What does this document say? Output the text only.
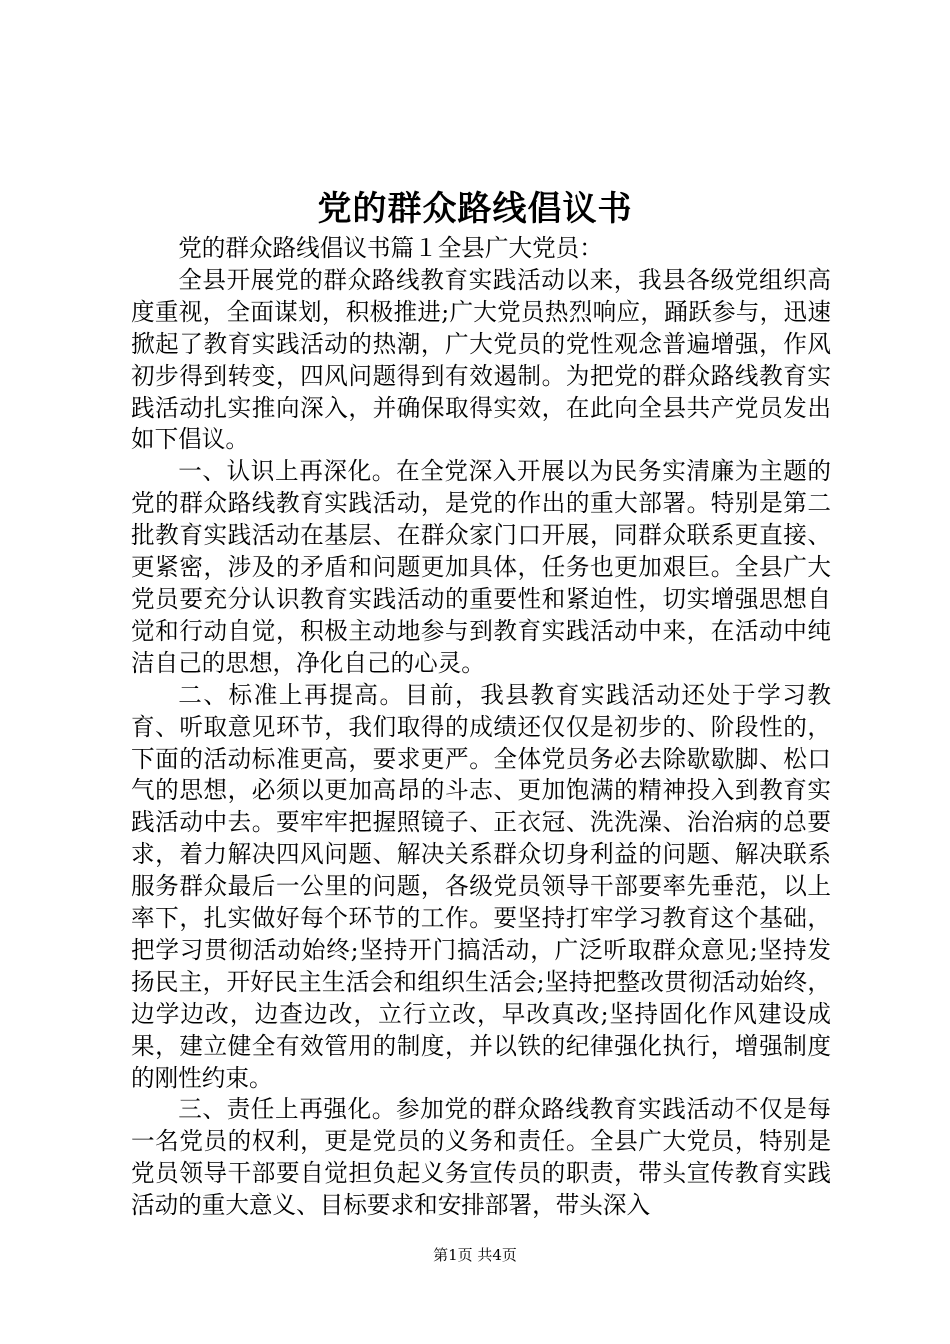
党的群众路线倡议书

党的群众路线倡议书篇１全县广大党员：

全县开展党的群众路线教育实践活动以来，我县各级党组织高度重视，全面谋划，积极推进;广大党员热烈响应，踊跃参与，迅速掀起了教育实践活动的热潮，广大党员的党性观念普遍增强，作风初步得到转变，四风问题得到有效遏制。为把党的群众路线教育实践活动扎实推向深入，并确保取得实效，在此向全县共产党员发出如下倡议。

一、认识上再深化。在全党深入开展以为民务实清廉为主题的党的群众路线教育实践活动，是党的作出的重大部署。特别是第二批教育实践活动在基层、在群众家门口开展，同群众联系更直接、更紧密，涉及的矛盾和问题更加具体，任务也更加艰巨。全县广大党员要充分认识教育实践活动的重要性和紧迫性，切实增强思想自觉和行动自觉，积极主动地参与到教育实践活动中来，在活动中纯洁自己的思想，净化自己的心灵。

二、标准上再提高。目前，我县教育实践活动还处于学习教育、听取意见环节，我们取得的成绩还仅仅是初步的、阶段性的，下面的活动标准更高，要求更严。全体党员务必去除歇歇脚、松口气的思想，必须以更加高昂的斗志、更加饱满的精神投入到教育实践活动中去。要牢牢把握照镜子、正衣冠、洗洗澡、治治病的总要求，着力解决四风问题、解决关系群众切身利益的问题、解决联系服务群众最后一公里的问题，各级党员领导干部要率先垂范，以上率下，扎实做好每个环节的工作。要坚持打牢学习教育这个基础，把学习贯彻活动始终;坚持开门搞活动，广泛听取群众意见;坚持发扬民主，开好民主生活会和组织生活会;坚持把整改贯彻活动始终，边学边改，边查边改，立行立改，早改真改;坚持固化作风建设成果，建立健全有效管用的制度，并以铁的纪律强化执行，增强制度的刚性约束。

三、责任上再强化。参加党的群众路线教育实践活动不仅是每一名党员的权利，更是党员的义务和责任。全县广大党员，特别是党员领导干部要自觉担负起义务宣传员的职责，带头宣传教育实践活动的重大意义、目标要求和安排部署，带头深入

第1页 共4页
